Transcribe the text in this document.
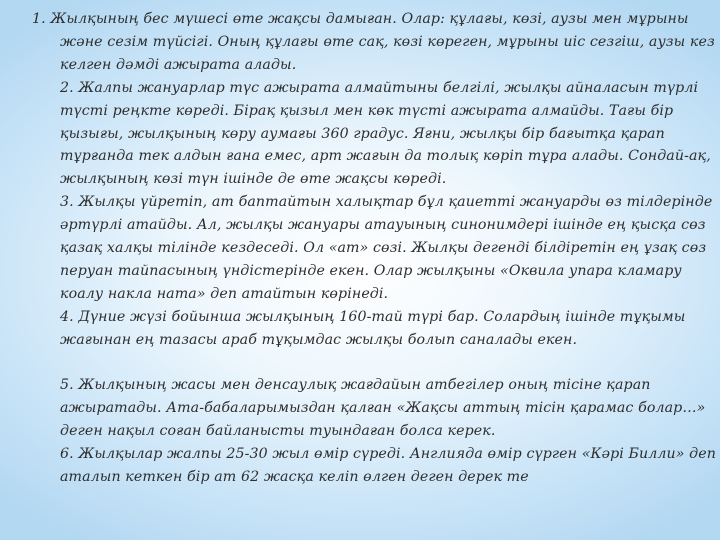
1. Жылқының бес мүшесі өте жақсы дамыған. Олар: құлағы, көзі, аузы мен мұрыны және сезім түйсігі. Оның құлағы өте сақ, көзі көреген, мұрыны иіс сезгіш, аузы кез келген дәмді ажырата алады.

2. Жалпы жануарлар түс ажырата алмайтыны белгілі, жылқы айналасын түрлі түсті реңкте көреді. Бірақ қызыл мен көк түсті ажырата алмайды. Тағы бір қызығы, жылқының көру аумағы 360 градус. Яғни, жылқы бір бағытқа қарап тұрғанда тек алдын ғана емес, арт жағын да толық көріп тұра алады. Сондай-ақ, жылқының көзі түн ішінде де өте жақсы көреді.

3. Жылқы үйретіп, ат баптайтын халықтар бұл қаиетті жануарды өз тілдерінде әртүрлі атайды. Ал, жылқы жануары атауының синонимдері ішінде ең қысқа сөз қазақ халқы тілінде кездеседі. Ол «ат» сөзі. Жылқы дегенді білдіретін ең ұзақ сөз перуан тайпасының үндістерінде екен. Олар жылқыны «Оквила упара кламару коалу накла ната» деп атайтын көрінеді.

4. Дүние жүзі бойынша жылқының 160-тай түрі бар. Солардың ішінде тұқымы жағынан ең тазасы араб тұқымдас жылқы болып саналады екен.

5. Жылқының жасы мен денсаулық жағдайын атбегілер оның тісіне қарап ажыратады. Ата-бабаларымыздан қалған «Жақсы аттың тісін қарамас болар…» деген нақыл соған байланысты туындаған болса керек.

6. Жылқылар жалпы 25-30 жыл өмір сүреді. Англияда өмір сүрген «Кәрі Билли» деп аталып кеткен бір ат 62 жасқа келіп өлген деген дерек те
